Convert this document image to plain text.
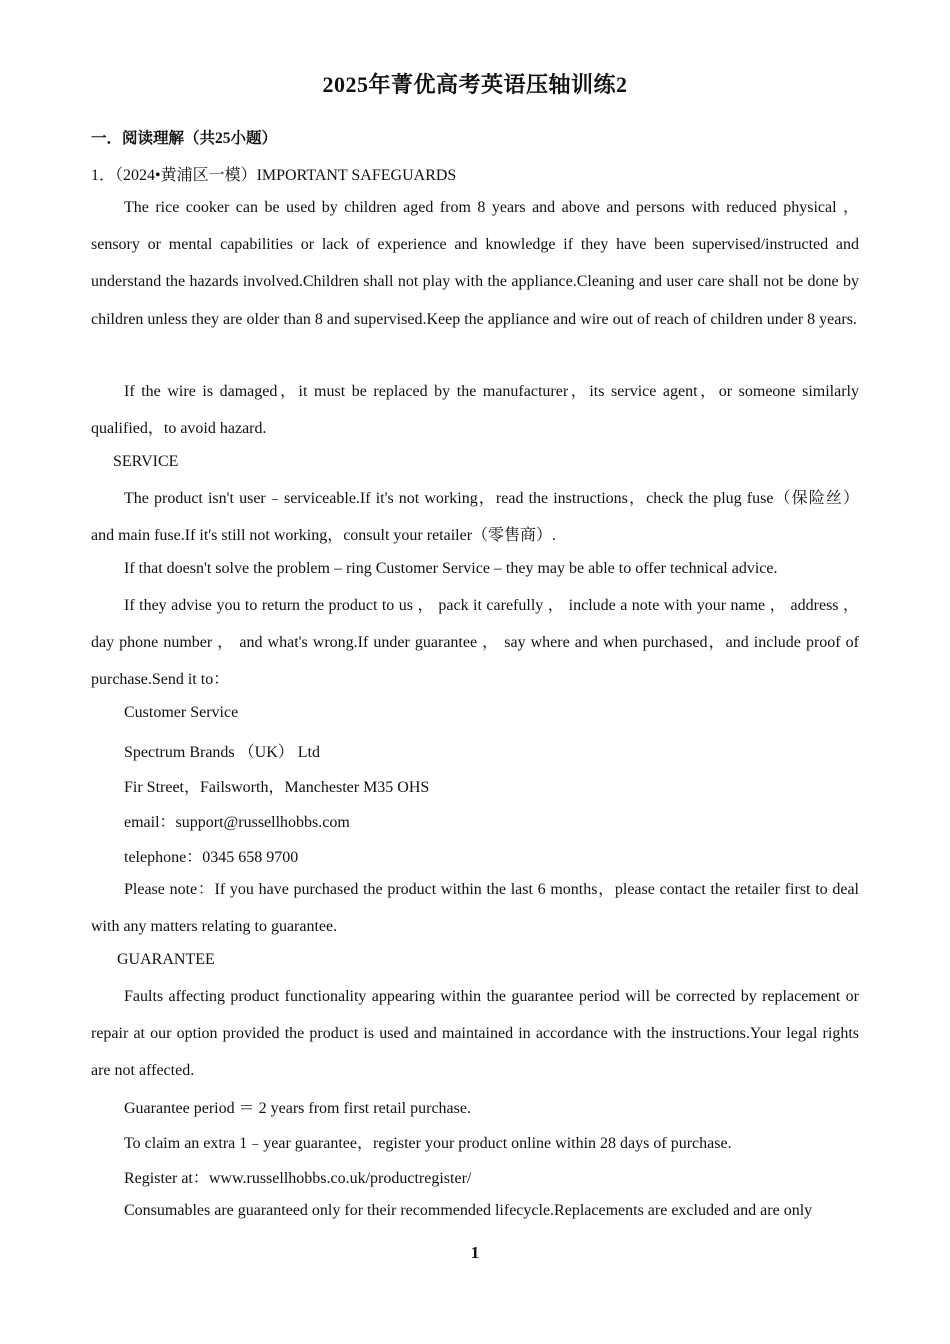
2025年菁优高考英语压轴训练2
一．阅读理解（共25小题）
1．（2024•黄浦区一模）IMPORTANT SAFEGUARDS
The rice cooker can be used by children aged from 8 years and above and persons with reduced physical ， sensory or mental capabilities or lack of experience and knowledge if they have been supervised/instructed and understand the hazards involved.Children shall not play with the appliance.Cleaning and user care shall not be done by children unless they are older than 8 and supervised.Keep the appliance and wire out of reach of children under 8 years.
If the wire is damaged，it must be replaced by the manufacturer，its service agent，or someone similarly qualified，to avoid hazard.
SERVICE
The product isn't user﹣serviceable.If it's not working，read the instructions，check the plug fuse（保险丝） and main fuse.If it's still not working，consult your retailer（零售商）.
If that doesn't solve the problem – ring Customer Service – they may be able to offer technical advice.
If they advise you to return the product to us ， pack it carefully ， include a note with your name ， address ， day phone number ， and what's wrong.If under guarantee ， say where and when purchased，and include proof of purchase.Send it to：
Customer Service
Spectrum Brands （UK） Ltd
Fir Street，Failsworth，Manchester M35 OHS
email：support@russellhobbs.com
telephone：0345 658 9700
Please note：If you have purchased the product within the last 6 months，please contact the retailer first to deal with any matters relating to guarantee.
GUARANTEE
Faults affecting product functionality appearing within the guarantee period will be corrected by replacement or repair at our option provided the product is used and maintained in accordance with the instructions.Your legal rights are not affected.
Guarantee period ＝ 2 years from first retail purchase.
To claim an extra 1﹣year guarantee，register your product online within 28 days of purchase.
Register at：www.russellhobbs.co.uk/productregister/
Consumables are guaranteed only for their recommended lifecycle.Replacements are excluded and are only
1
